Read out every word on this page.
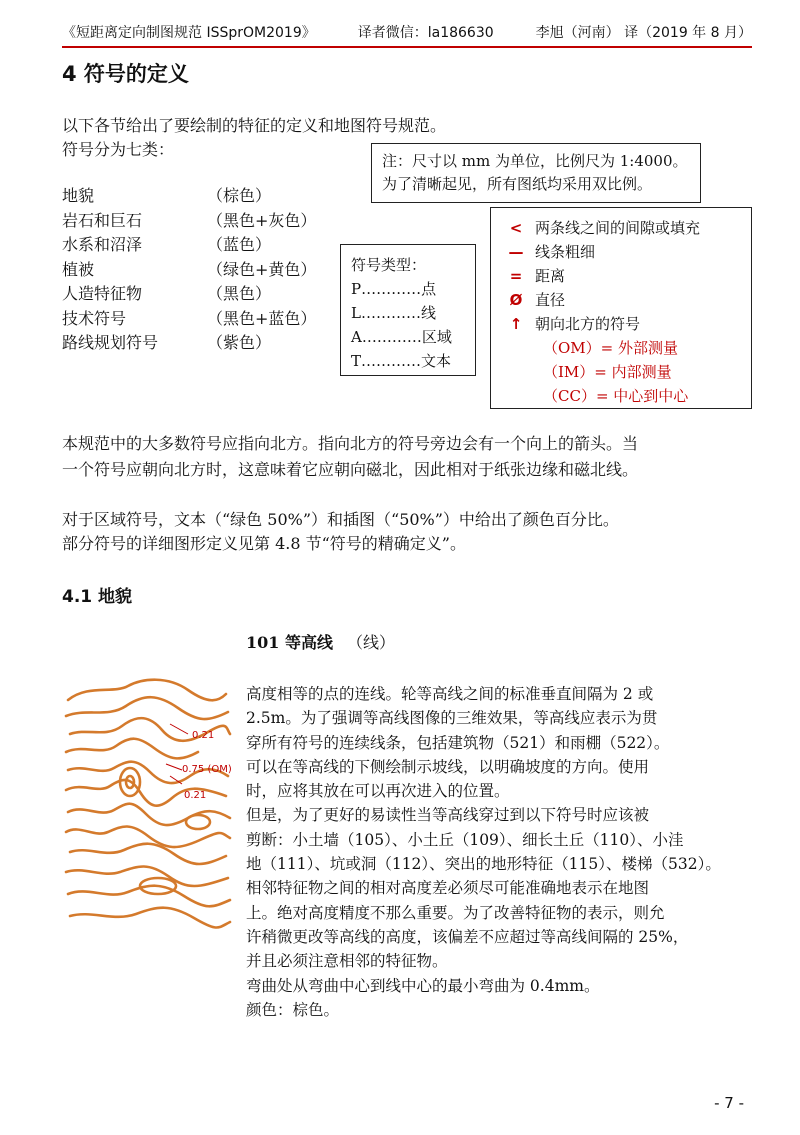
《短距离定向制图规范 ISSprOM2019》	译者微信：la186630	李旭（河南） 译（2019 年 8 月）
4 符号的定义
以下各节给出了要绘制的特征的定义和地图符号规范。
符号分为七类：
地貌	（棕色）
岩石和巨石	（黑色+灰色）
水系和沼泽	（蓝色）
植被	（绿色+黄色）
人造特征物	（黑色）
技术符号	（黑色+蓝色）
路线规划符号	（紫色）
注：尺寸以 mm 为单位，比例尺为 1:4000。
为了清晰起见，所有图纸均采用双比例。
符号类型：
P…………点
L…………线
A…………区域
T…………文本
< 两条线之间的间隙或填充
— 线条粗细
= 距离
Ø 直径
↑ 朝向北方的符号
（OM）= 外部测量
（IM）= 内部测量
（CC）= 中心到中心
本规范中的大多数符号应指向北方。指向北方的符号旁边会有一个向上的箭头。当
一个符号应朝向北方时，这意味着它应朝向磁北，因此相对于纸张边缘和磁北线。
对于区域符号，文本（“绿色 50%”）和插图（“50%”）中给出了颜色百分比。
部分符号的详细图形定义见第 4.8 节“符号的精确定义”。
4.1 地貌
101 等高线 （线）
0.21
0.75 (OM)
0.21
高度相等的点的连线。轮等高线之间的标准垂直间隔为 2 或
2.5m。为了强调等高线图像的三维效果，等高线应表示为贯
穿所有符号的连续线条，包括建筑物（521）和雨棚（522）。
可以在等高线的下侧绘制示坡线，以明确坡度的方向。使用
时，应将其放在可以再次进入的位置。
但是，为了更好的易读性当等高线穿过到以下符号时应该被
剪断：小土墙（105）、小土丘（109）、细长土丘（110）、小洼
地（111）、坑或洞（112）、突出的地形特征（115）、楼梯（532）。
相邻特征物之间的相对高度差必须尽可能准确地表示在地图
上。绝对高度精度不那么重要。为了改善特征物的表示，则允
许稍微更改等高线的高度，该偏差不应超过等高线间隔的 25%，
并且必须注意相邻的特征物。
弯曲处从弯曲中心到线中心的最小弯曲为 0.4mm。
颜色：棕色。
- 7 -
